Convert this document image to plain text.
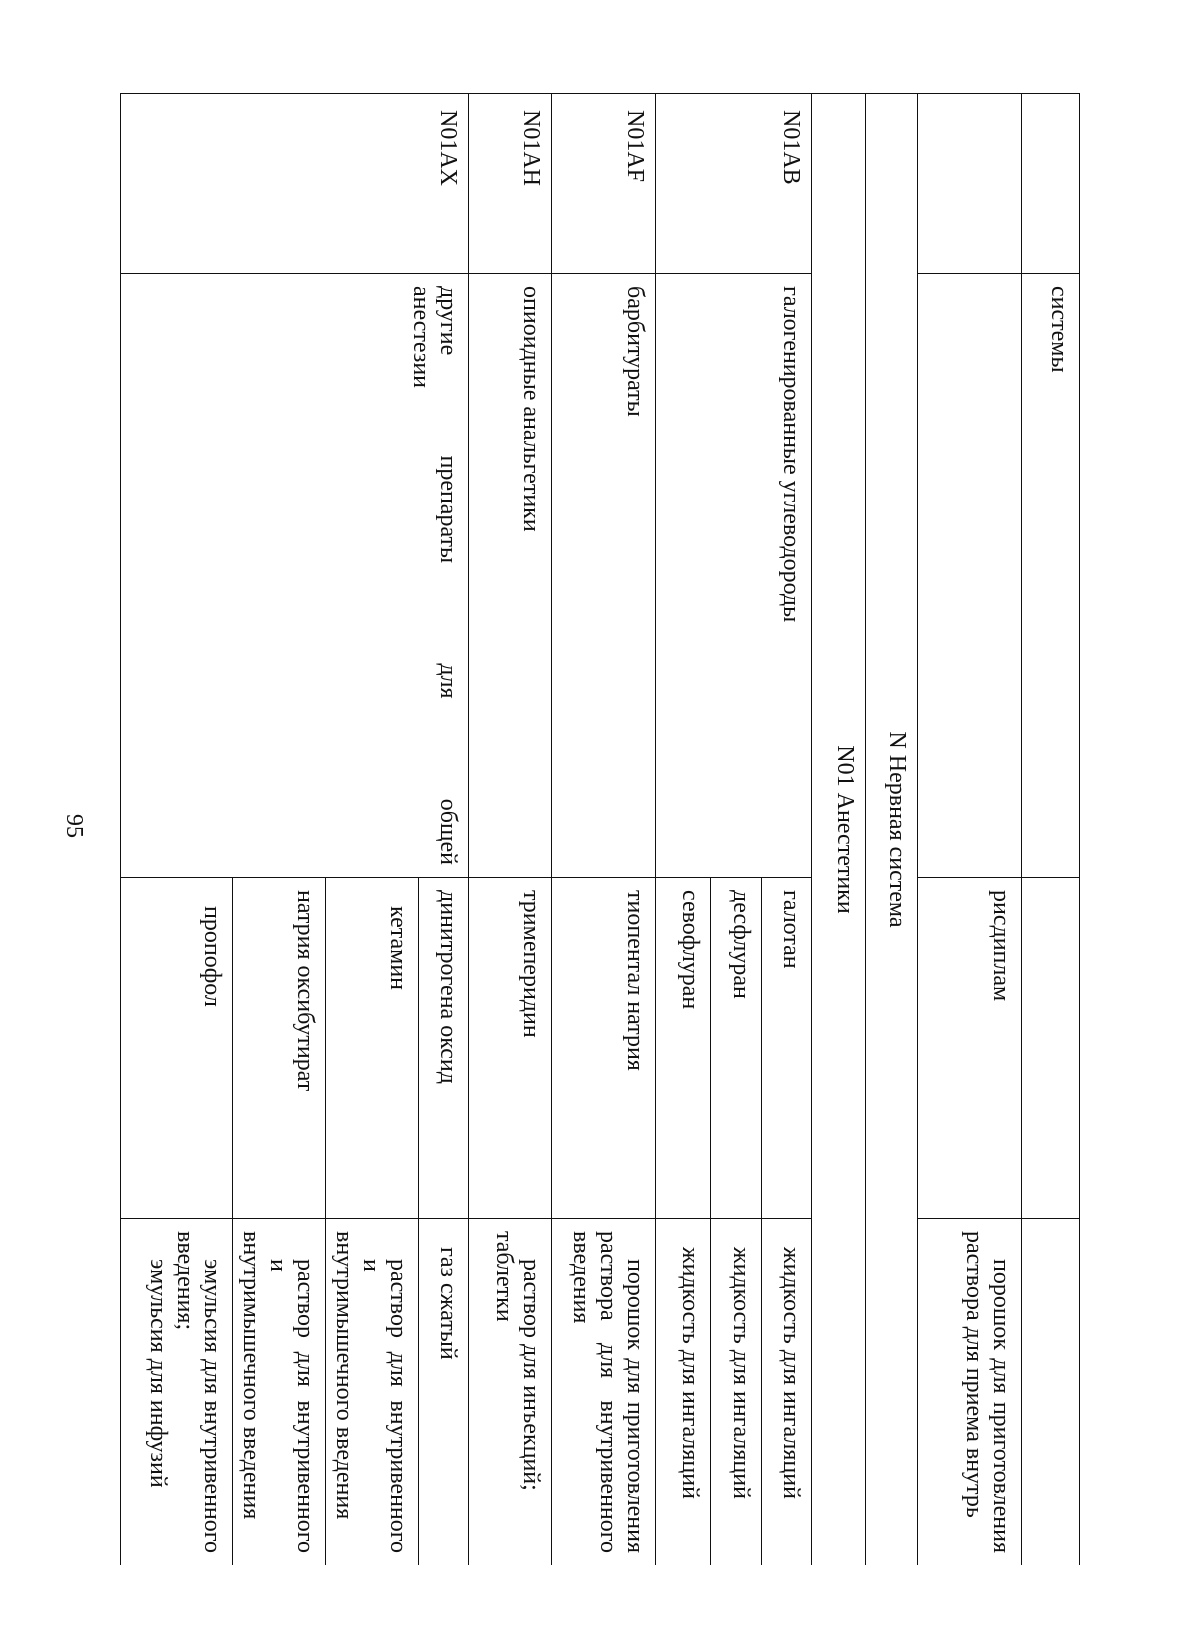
95
	системы		
		рисдиплам	порошок для приготовления
раствора для приема внутрь

N Нервная система			
N01 Анестетики			
N01AB	галогенированные углеводороды	галотан	жидкость для ингаляций
		десфлуран	жидкость для ингаляций
		севофлуран	жидкость для ингаляций
N01AF	барбитураты	тиопентал натрия	порошок для приготовления
раствора для внутривенного
введения

N01AH	опиоидные анальгетики	тримеперидин	раствор для инъекций;
таблетки

N01AX	другие препараты для общей
анестезии	динитрогена оксид	газ сжатый
		кетамин	раствор для внутривенного и
внутримышечного введения

		натрия оксибутират	раствор для внутривенного и
внутримышечного введения

		пропофол	эмульсия для внутривенного
введения;
эмульсия для инфузий
